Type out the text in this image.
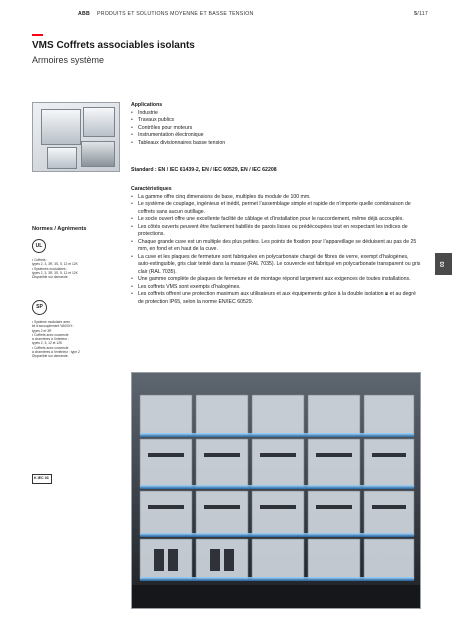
ABB PRODUITS ET SOLUTIONS MOYENNE ET BASSE TENSION	5/117
VMS Coffrets associables isolants
Armoires système
Applications
• Industrie
• Travaux publics
• Contrôles pour moteurs
• Instrumentation électronique
• Tableaux divisionnaires basse tension
Standard : EN / IEC 61439-2, EN / IEC 60529, EN / IEC 62208
Caractéristiques
• La gamme offre cinq dimensions de base, multiples du module de 100 mm.
• Le système de couplage, ingénieux et inédit, permet l’assemblage simple et rapide de n’importe quelle combinaison de coffrets sans aucun outillage.
• Le socle ouvert offre une excellente facilité de câblage et d’installation pour le raccordement, même déjà accouplés.
• Les côtés ouverts peuvent être facilement habillés de parois lisses ou prédécoupées tout en respectant les indices de protections.
• Chaque grande cuve est un multiple des plus petites. Les points de fixation pour l’appareillage se déduisent au pas de 25 mm, en fond et en haut de la cuve.
• La cuve et les plaques de fermeture sont fabriquées en polycarbonate chargé de fibres de verre, exempt d’halogènes, auto-extinguible, gris clair teinté dans la masse (RAL 7035). Le couvercle est fabriqué en polycarbonate transparent ou gris clair (RAL 7035).
• Une gamme complète de plaques de fermeture et de montage répond largement aux exigences de toutes installations.
• Les coffrets VMS sont exempts d’halogènes.
• Les coffrets offrent une protection maximum aux utilisateurs et aux équipements grâce à la double isolation ⧈ et au degré de protection IP65, selon la norme EN/IEC 60529.
Normes / Agréments
UL
• Coffrets :
types 2, 3, 3R, 3S, 5, 12 et 12K
• Systèmes modulaires :
types 2, 3, 3R, 3S, 5, 12 et 12K
Disponible sur demande.
SP
• Système modulaire avec
kit d’accouplement VA00XX :
types 2 et 3R
• Coffrets avec couvercle
à charnières à l’intérieur :
types 2, 3, 12 et 12K
• Coffrets avec couvercle
à charnières à l’extérieur : type 2
Disponible sur demande.
K IEC 33
03
